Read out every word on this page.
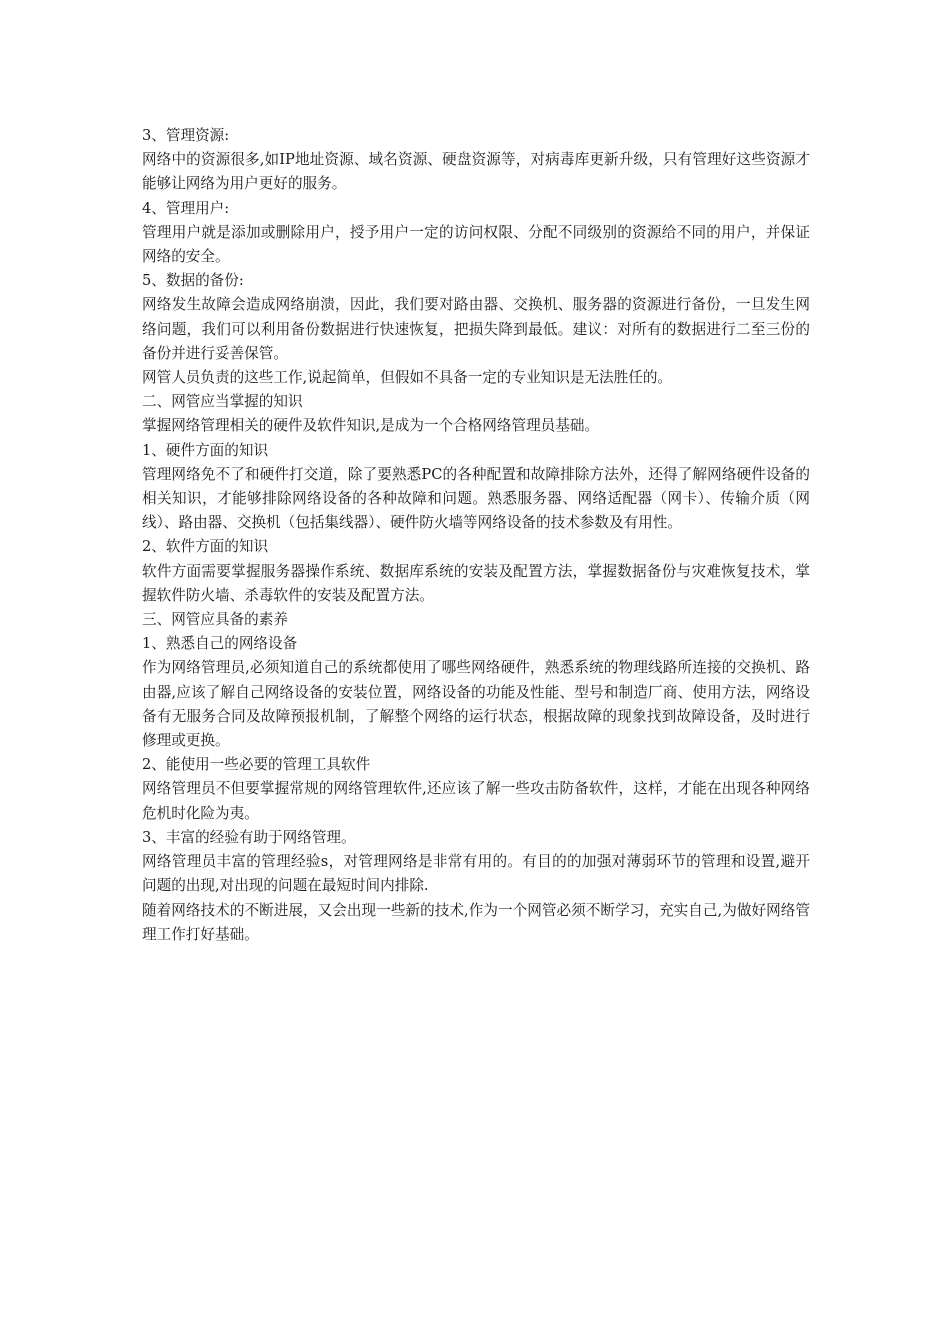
3、管理资源:

网络中的资源很多,如IP地址资源、域名资源、硬盘资源等，对病毒库更新升级，只有管理好这些资源才能够让网络为用户更好的服务。

4、管理用户:

管理用户就是添加或删除用户，授予用户一定的访问权限、分配不同级别的资源给不同的用户，并保证网络的安全。

5、数据的备份:

网络发生故障会造成网络崩溃，因此，我们要对路由器、交换机、服务器的资源进行备份，一旦发生网络问题，我们可以利用备份数据进行快速恢复，把损失降到最低。建议：对所有的数据进行二至三份的备份并进行妥善保管。

网管人员负责的这些工作,说起简单，但假如不具备一定的专业知识是无法胜任的。

二、网管应当掌握的知识

掌握网络管理相关的硬件及软件知识,是成为一个合格网络管理员基础。

1、硬件方面的知识

管理网络免不了和硬件打交道，除了要熟悉PC的各种配置和故障排除方法外，还得了解网络硬件设备的相关知识，才能够排除网络设备的各种故障和问题。熟悉服务器、网络适配器（网卡）、传输介质（网线）、路由器、交换机（包括集线器）、硬件防火墙等网络设备的技术参数及有用性。

2、软件方面的知识

软件方面需要掌握服务器操作系统、数据库系统的安装及配置方法，掌握数据备份与灾难恢复技术，掌握软件防火墙、杀毒软件的安装及配置方法。

三、网管应具备的素养

1、熟悉自己的网络设备

作为网络管理员,必须知道自己的系统都使用了哪些网络硬件，熟悉系统的物理线路所连接的交换机、路由器,应该了解自己网络设备的安装位置，网络设备的功能及性能、型号和制造厂商、使用方法，网络设备有无服务合同及故障预报机制，了解整个网络的运行状态，根据故障的现象找到故障设备，及时进行修理或更换。

2、能使用一些必要的管理工具软件

网络管理员不但要掌握常规的网络管理软件,还应该了解一些攻击防备软件，这样，才能在出现各种网络危机时化险为夷。

3、丰富的经验有助于网络管理。

网络管理员丰富的管理经验s，对管理网络是非常有用的。有目的的加强对薄弱环节的管理和设置,避开问题的出现,对出现的问题在最短时间内排除.

随着网络技术的不断进展，又会出现一些新的技术,作为一个网管必须不断学习，充实自己,为做好网络管理工作打好基础。
